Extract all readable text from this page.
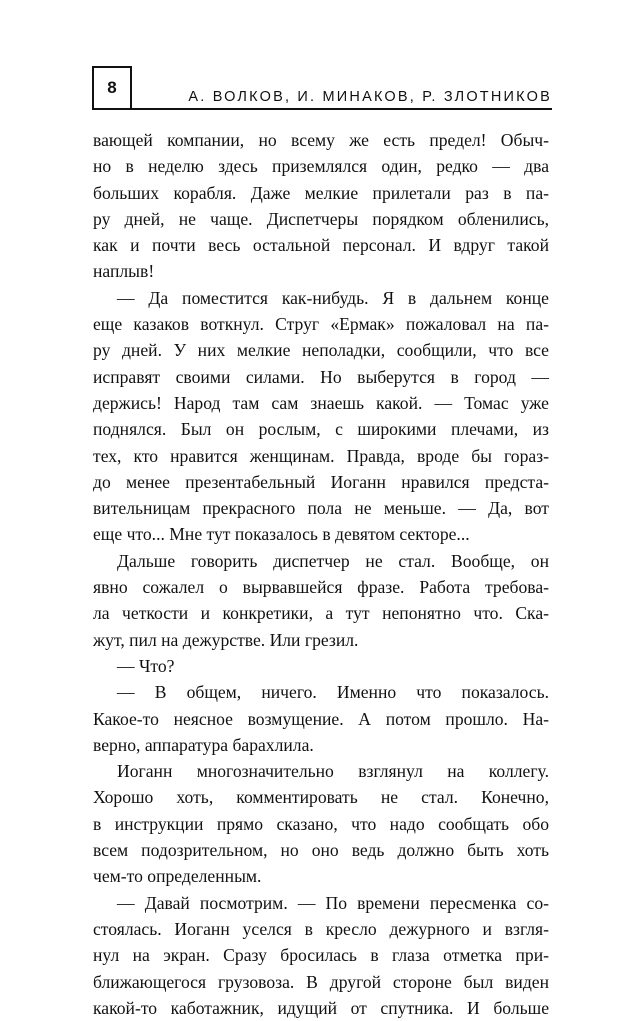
8	А. ВОЛКОВ, И. МИНАКОВ, Р. ЗЛОТНИКОВ
вающей компании, но всему же есть предел! Обыч-
но в неделю здесь приземлялся один, редко — два
больших корабля. Даже мелкие прилетали раз в па-
ру дней, не чаще. Диспетчеры порядком обленились,
как и почти весь остальной персонал. И вдруг такой
наплыв!
— Да поместится как-нибудь. Я в дальнем конце
еще казаков воткнул. Струг «Ермак» пожаловал на па-
ру дней. У них мелкие неполадки, сообщили, что все
исправят своими силами. Но выберутся в город —
держись! Народ там сам знаешь какой. — Томас уже
поднялся. Был он рослым, с широкими плечами, из
тех, кто нравится женщинам. Правда, вроде бы горaз-
до менее презентабельный Иоганн нравился предста-
вительницам прекрасного пола не меньше. — Да, вот
еще что... Мне тут показалось в девятом секторе...
Дальше говорить диспетчер не стал. Вообще, он
явно сожалел о вырвавшейся фразе. Работа требова-
ла четкости и конкретики, а тут непонятно что. Ска-
жут, пил на дежурстве. Или грезил.
— Что?
— В общем, ничего. Именно что показалось.
Какое-то неясное возмущение. А потом прошло. На-
верно, аппаратура барахлила.
Иоганн многозначительно взглянул на коллегу.
Хорошо хоть, комментировать не стал. Конечно,
в инструкции прямо сказано, что надо сообщать обо
всем подозрительном, но оно ведь должно быть хоть
чем-то определенным.
— Давай посмотрим. — По времени пересменка со-
стоялась. Иоганн уселся в кресло дежурного и взгля-
нул на экран. Сразу бросилась в глаза отметка при-
ближающегося грузовоза. В другой стороне был виден
какой-то каботажник, идущий от спутника. И больше
